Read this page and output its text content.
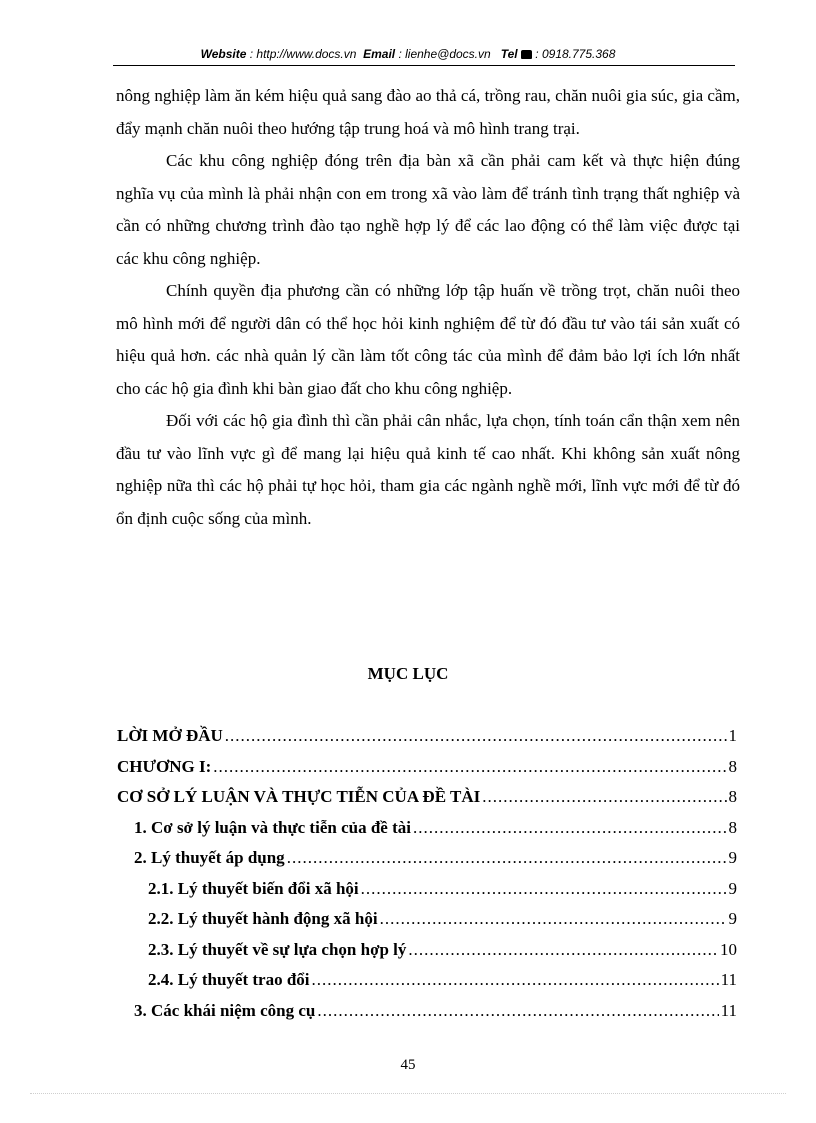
Website : http://www.docs.vn Email : lienhe@docs.vn Tel  : 0918.775.368

nông nghiệp làm ăn kém hiệu quả sang đào ao thả cá, trồng rau, chăn nuôi gia súc, gia cầm, đẩy mạnh chăn nuôi theo hướng tập trung hoá và mô hình trang trại.

Các khu công nghiệp đóng trên địa bàn xã cần phải cam kết và thực hiện đúng nghĩa vụ của mình là phải nhận con em trong xã vào làm để tránh tình trạng thất nghiệp và cần có những chương trình đào tạo nghề hợp lý để các lao động có thể làm việc được tại các khu công nghiệp.

Chính quyền địa phương cần có những lớp tập huấn về trồng trọt, chăn nuôi theo mô hình mới để người dân có thể học hỏi kinh nghiệm để từ đó đầu tư vào tái sản xuất có hiệu quả hơn. các nhà quản lý cần làm tốt công tác của mình để đảm bảo lợi ích lớn nhất cho các hộ gia đình khi bàn giao đất cho khu công nghiệp.

Đối với các hộ gia đình thì cần phải cân nhắc, lựa chọn, tính toán cẩn thận xem nên đầu tư vào lĩnh vực gì để mang lại hiệu quả kinh tế cao nhất. Khi không sản xuất nông nghiệp nữa thì các hộ phải tự học hỏi, tham gia các ngành nghề mới, lĩnh vực mới để từ đó ổn định cuộc sống của mình.

MỤC LỤC
LỜI MỞ ĐẦU .....	1
CHƯƠNG I: .....	8
CƠ SỞ LÝ LUẬN VÀ THỰC TIỄN CỦA ĐỀ TÀI .....	8
1. Cơ sở lý luận và thực tiễn của đề tài .....	8
2. Lý thuyết áp dụng .....	9
2.1. Lý thuyết biến đổi xã hội .....	9
2.2. Lý thuyết hành động xã hội .....	9
2.3. Lý thuyết về sự lựa chọn hợp lý .....	10
2.4. Lý thuyết trao đổi .....	11
3. Các khái niệm công cụ .....	11
45
